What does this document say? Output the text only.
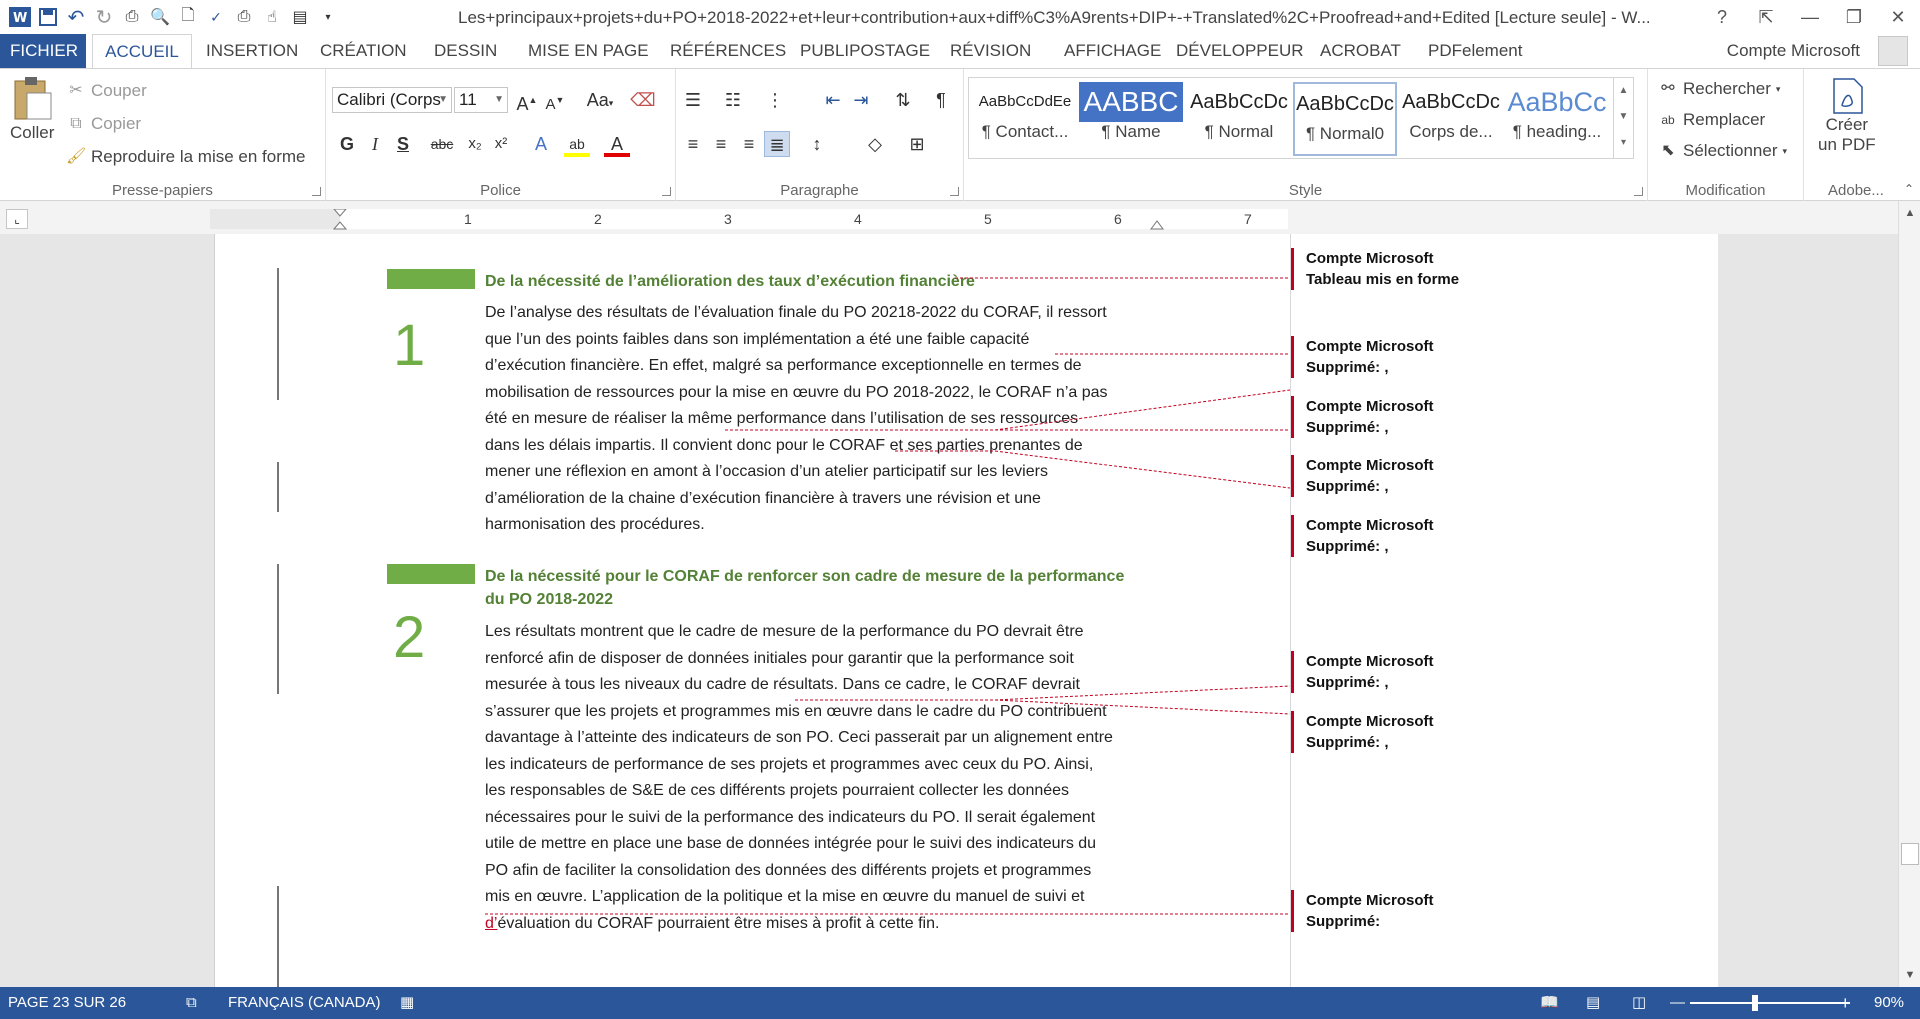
W ↶ ↻ ⎙ 🔍 🗋	✓ ⎙	☝ ▤	▾	Les+principaux+projets+du+PO+2018-2022+et+leur+contribution+aux+diff%C3%A9rents+DIP+-+Translated%2C+Proofread+and+Edited [Lecture seule] - W...	?	⇱	—	❐	✕
FICHIER	ACCUEIL	INSERTION	CRÉATION	DESSIN	MISE EN PAGE	RÉFÉRENCES PUBLIPOSTAGE	RÉVISION	AFFICHAGE DÉVELOPPEUR ACROBAT	PDFelement	Compte Microsoft
Coller
✂ Couper
⧉ Copier
🖌 Reproduire la mise en forme
Presse-papiers
Calibri (Corps
▼ 11 ▼ A▲ A▼	Aa▾ ⌫
G	I	S	abc	x₂ x²	A	ab	A
Police
☰ ☷ ⋮	⇤ ⇥	⇅	¶
≡ ≡ ≡ ≣	↕	◇	⊞
Paragraphe	Style
AaBbCcDdEe
¶ Contact...
AABBC
¶ Name
AaBbCcDc
¶ Normal
AaBbCcDc
¶ Normal0
AaBbCcDc
Corps de...
AaBbCc
¶ heading...
▲
▼
▾
⚯ Rechercher ▾
ab Remplacer
⬉ Sélectionner ▾
Modification
Créer
un PDF
Adobe...	⌃
⌞	1	2	3	4	5	6	7
1
De la nécessité de l’amélioration des taux d’exécution financière
De l’analyse des résultats de l’évaluation finale du PO 20218-2022 du CORAF, il ressort
que l’un des points faibles dans son implémentation a été une faible capacité
d’exécution financière. En effet, malgré sa performance exceptionnelle en termes de
mobilisation de ressources pour la mise en œuvre du PO 2018-2022, le CORAF n’a pas
été en mesure de réaliser la même performance dans l’utilisation de ses ressources
dans les délais impartis. Il convient donc pour le CORAF et ses parties prenantes de
mener une réflexion en amont à l’occasion d’un atelier participatif sur les leviers
d’amélioration de la chaine d’exécution financière à travers une révision et une
harmonisation des procédures.
2
De la nécessité pour le CORAF de renforcer son cadre de mesure de la performance
du PO 2018-2022
Les résultats montrent que le cadre de mesure de la performance du PO devrait être
renforcé afin de disposer de données initiales pour garantir que la performance soit
mesurée à tous les niveaux du cadre de résultats. Dans ce cadre, le CORAF devrait
s’assurer que les projets et programmes mis en œuvre dans le cadre du PO contribuent
davantage à l’atteinte des indicateurs de son PO. Ceci passerait par un alignement entre
les indicateurs de performance de ses projets et programmes avec ceux du PO. Ainsi,
les responsables de S&E de ces différents projets pourraient collecter les données
nécessaires pour le suivi de la performance des indicateurs du PO. Il serait également
utile de mettre en place une base de données intégrée pour le suivi des indicateurs du
PO afin de faciliter la consolidation des données des différents projets et programmes
mis en œuvre. L’application de la politique et la mise en œuvre du manuel de suivi et
d’évaluation du CORAF pourraient être mises à profit à cette fin.
Compte Microsoft
Tableau mis en forme
Compte Microsoft
Supprimé: ,
Compte Microsoft
Supprimé: ,
Compte Microsoft
Supprimé: ,
Compte Microsoft
Supprimé: ,
Compte Microsoft
Supprimé: ,
Compte Microsoft
Supprimé: ,
Compte Microsoft
Supprimé:
▲
▼
PAGE 23 SUR 26	⧉ FRANÇAIS (CANADA) ▦	📖 ▤ ◫ —	+ 90%
